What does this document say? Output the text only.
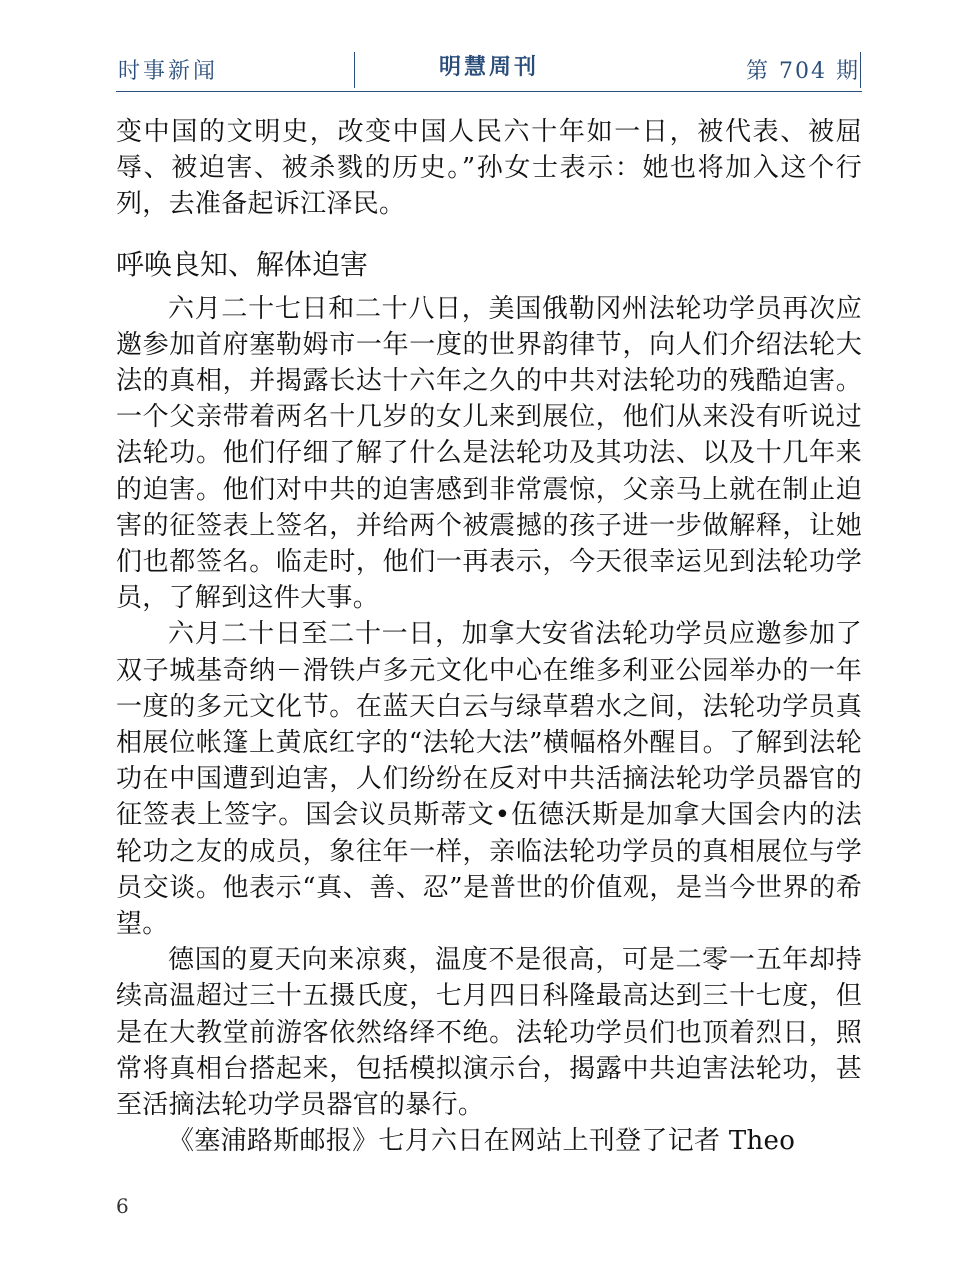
时事新闻	明慧周刊	第 704 期

变中国的文明史，改变中国人民六十年如一日，被代表、被屈辱、被迫害、被杀戮的历史。”孙女士表示：她也将加入这个行列，去准备起诉江泽民。

呼唤良知、解体迫害

六月二十七日和二十八日，美国俄勒冈州法轮功学员再次应邀参加首府塞勒姆市一年一度的世界韵律节，向人们介绍法轮大法的真相，并揭露长达十六年之久的中共对法轮功的残酷迫害。一个父亲带着两名十几岁的女儿来到展位，他们从来没有听说过法轮功。他们仔细了解了什么是法轮功及其功法、以及十几年来的迫害。他们对中共的迫害感到非常震惊，父亲马上就在制止迫害的征签表上签名，并给两个被震撼的孩子进一步做解释，让她们也都签名。临走时，他们一再表示，今天很幸运见到法轮功学员，了解到这件大事。

六月二十日至二十一日，加拿大安省法轮功学员应邀参加了双子城基奇纳－滑铁卢多元文化中心在维多利亚公园举办的一年一度的多元文化节。在蓝天白云与绿草碧水之间，法轮功学员真相展位帐篷上黄底红字的“法轮大法”横幅格外醒目。了解到法轮功在中国遭到迫害，人们纷纷在反对中共活摘法轮功学员器官的征签表上签字。国会议员斯蒂文•伍德沃斯是加拿大国会内的法轮功之友的成员，象往年一样，亲临法轮功学员的真相展位与学员交谈。他表示“真、善、忍”是普世的价值观，是当今世界的希望。

德国的夏天向来凉爽，温度不是很高，可是二零一五年却持续高温超过三十五摄氏度，七月四日科隆最高达到三十七度，但是在大教堂前游客依然络绎不绝。法轮功学员们也顶着烈日，照常将真相台搭起来，包括模拟演示台，揭露中共迫害法轮功，甚至活摘法轮功学员器官的暴行。

《塞浦路斯邮报》七月六日在网站上刊登了记者 Theo

6
